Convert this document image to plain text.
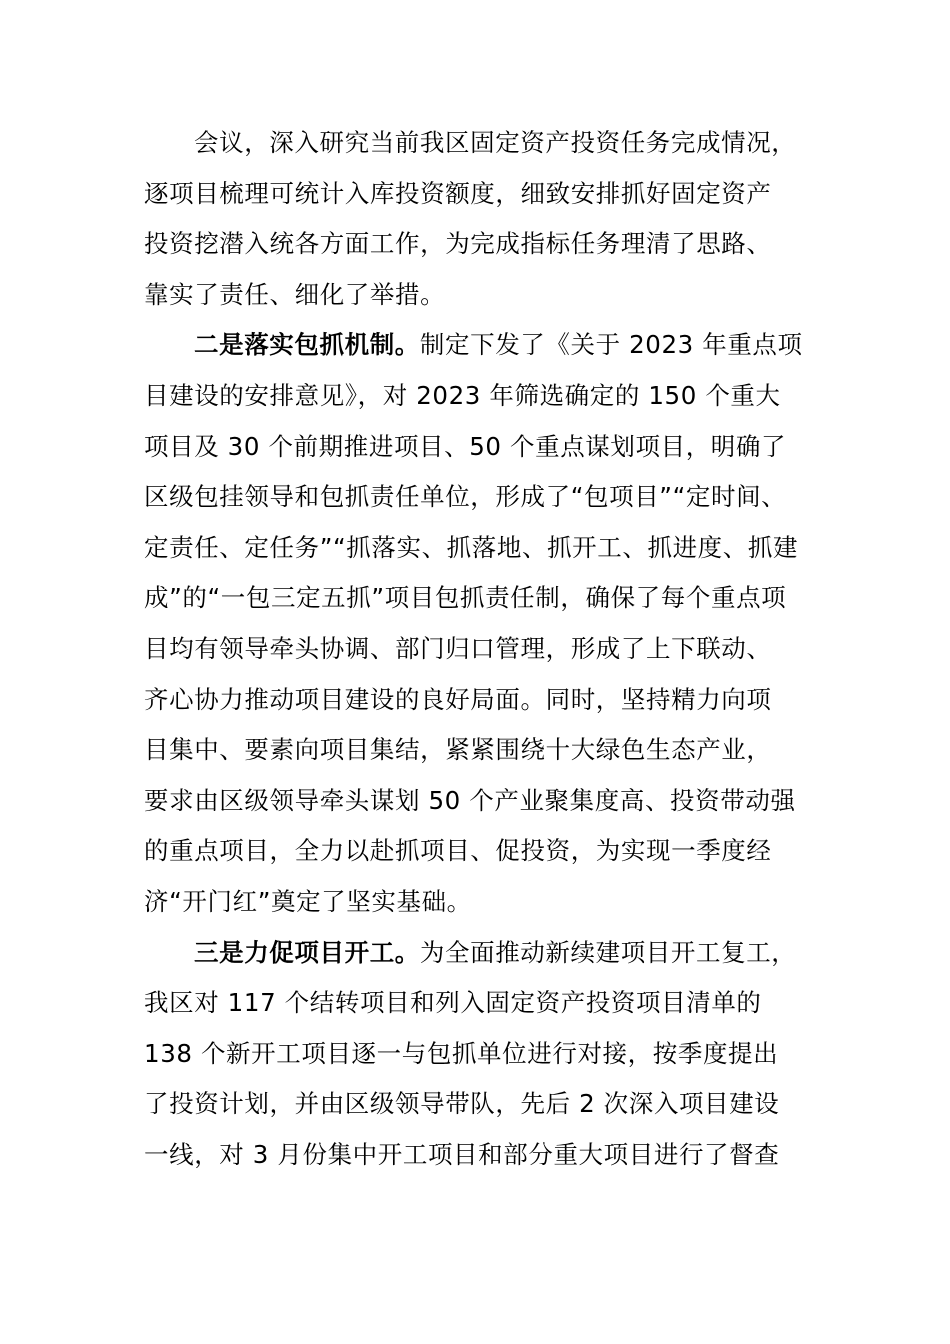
会议，深入研究当前我区固定资产投资任务完成情况，
逐项目梳理可统计入库投资额度，细致安排抓好固定资产
投资挖潜入统各方面工作，为完成指标任务理清了思路、
靠实了责任、细化了举措。
二是落实包抓机制。制定下发了《关于 2023 年重点项
目建设的安排意见》，对 2023 年筛选确定的 150 个重大
项目及 30 个前期推进项目、50 个重点谋划项目，明确了
区级包挂领导和包抓责任单位，形成了“包项目”“定时间、
定责任、定任务”“抓落实、抓落地、抓开工、抓进度、抓建
成”的“一包三定五抓”项目包抓责任制，确保了每个重点项
目均有领导牵头协调、部门归口管理，形成了上下联动、
齐心协力推动项目建设的良好局面。同时，坚持精力向项
目集中、要素向项目集结，紧紧围绕十大绿色生态产业，
要求由区级领导牵头谋划 50 个产业聚集度高、投资带动强
的重点项目，全力以赴抓项目、促投资，为实现一季度经
济“开门红”奠定了坚实基础。
三是力促项目开工。为全面推动新续建项目开工复工，
我区对 117 个结转项目和列入固定资产投资项目清单的
138 个新开工项目逐一与包抓单位进行对接，按季度提出
了投资计划，并由区级领导带队，先后 2 次深入项目建设
一线，对 3 月份集中开工项目和部分重大项目进行了督查
